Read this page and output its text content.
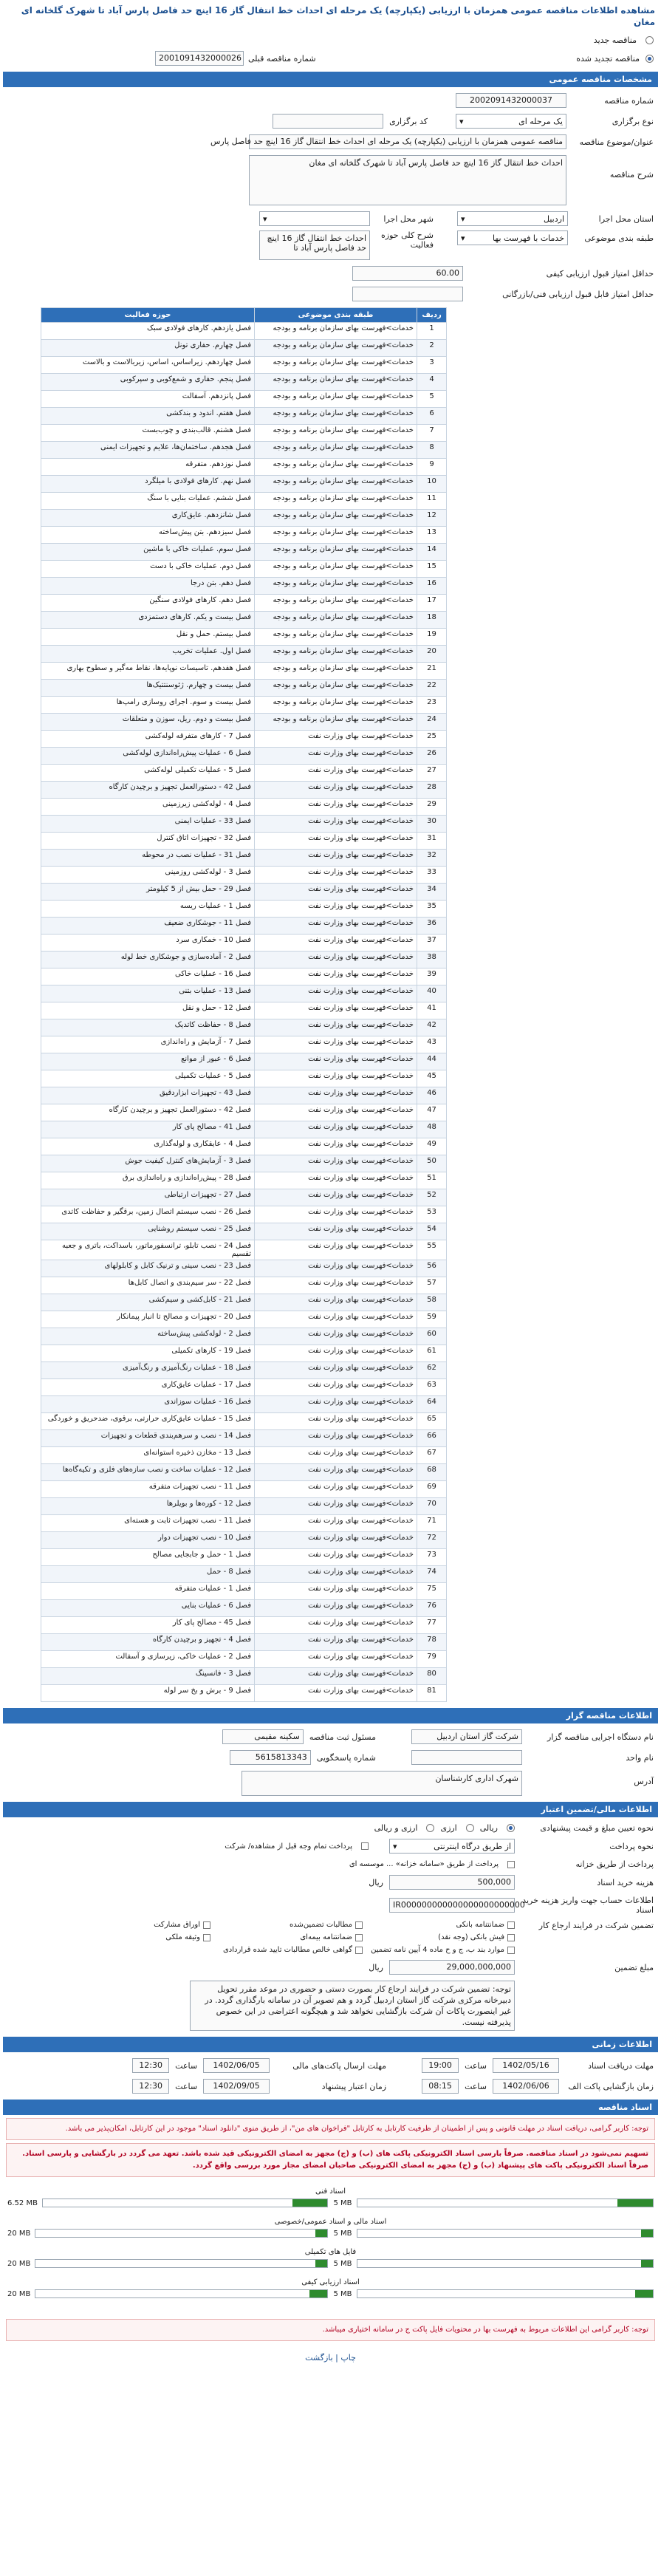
مشاهده اطلاعات مناقصه عمومی همزمان با ارزیابی (یکپارچه) یک مرحله ای احداث خط انتقال گاز 16 اینچ حد فاصل پارس آباد تا شهرک گلخانه ای مغان
مناقصه جدید
مناقصه تجدید شده
شماره مناقصه قبلی
2001091432000026
مشخصات مناقصه عمومی
شماره مناقصه
2002091432000037
نوع برگزاری
یک مرحله ای
▾
کد برگزاری
عنوان/موضوع مناقصه
مناقصه عمومی همزمان با ارزیابی (یکپارچه) یک مرحله ای احداث خط انتقال گاز 16 اینچ حد فاصل پارس
شرح مناقصه
احداث خط انتقال گاز 16 اینچ حد فاصل پارس آباد تا شهرک گلخانه ای مغان
استان محل اجرا
اردبیل
▾
طبقه بندی موضوعی
خدمات با فهرست بها
▾
شهر محل اجرا
▾
شرح کلی حوزه فعالیت
احداث خط انتقال گاز 16 اینچ حد فاصل پارس آباد تا
حداقل امتیاز قبول ارزیابی کیفی
60.00
حداقل امتیاز قابل قبول ارزیابی فنی/بازرگانی
ردیف	طبقه بندی موضوعی	حوزه فعالیت
1	خدمات>فهرست بهای سازمان برنامه و بودجه	فصل یازدهم. کارهای فولادی سبک
2	خدمات>فهرست بهای سازمان برنامه و بودجه	فصل چهارم. حفاری تونل
3	خدمات>فهرست بهای سازمان برنامه و بودجه	فصل چهاردهم. زیراساس، اساس، زیربالاست و بالاست
4	خدمات>فهرست بهای سازمان برنامه و بودجه	فصل پنجم. حفاری و شمع‌کوبی و سپرکوبی
5	خدمات>فهرست بهای سازمان برنامه و بودجه	فصل پانزدهم. آسفالت
6	خدمات>فهرست بهای سازمان برنامه و بودجه	فصل هفتم. اندود و بندکشی
7	خدمات>فهرست بهای سازمان برنامه و بودجه	فصل هشتم. قالب‌بندی و چوب‌بست
8	خدمات>فهرست بهای سازمان برنامه و بودجه	فصل هجدهم. ساختمان‌ها، علایم و تجهیزات ایمنی
9	خدمات>فهرست بهای سازمان برنامه و بودجه	فصل نوزدهم. متفرقه
10	خدمات>فهرست بهای سازمان برنامه و بودجه	فصل نهم. کارهای فولادی با میلگرد
11	خدمات>فهرست بهای سازمان برنامه و بودجه	فصل ششم. عملیات بنایی با سنگ
12	خدمات>فهرست بهای سازمان برنامه و بودجه	فصل شانزدهم. عایق‌کاری
13	خدمات>فهرست بهای سازمان برنامه و بودجه	فصل سیزدهم. بتن پیش‌ساخته
14	خدمات>فهرست بهای سازمان برنامه و بودجه	فصل سوم. عملیات خاکی با ماشین
15	خدمات>فهرست بهای سازمان برنامه و بودجه	فصل دوم. عملیات خاکی با دست
16	خدمات>فهرست بهای سازمان برنامه و بودجه	فصل دهم. بتن درجا
17	خدمات>فهرست بهای سازمان برنامه و بودجه	فصل دهم. کارهای فولادی سنگین
18	خدمات>فهرست بهای سازمان برنامه و بودجه	فصل بیست و یکم. کارهای دستمزدی
19	خدمات>فهرست بهای سازمان برنامه و بودجه	فصل بیستم. حمل و نقل
20	خدمات>فهرست بهای سازمان برنامه و بودجه	فصل اول. عملیات تخریب
21	خدمات>فهرست بهای سازمان برنامه و بودجه	فصل هفدهم. تاسیسات نوپایه‌ها، نقاط مه‌گیر و سطوح بهاری
22	خدمات>فهرست بهای سازمان برنامه و بودجه	فصل بیست و چهارم. ژئوسنتتیک‌ها
23	خدمات>فهرست بهای سازمان برنامه و بودجه	فصل بیست و سوم. اجرای روسازی رامپ‌ها
24	خدمات>فهرست بهای سازمان برنامه و بودجه	فصل بیست و دوم. ریل، سوزن و متعلقات
25	خدمات>فهرست بهای وزارت نفت	فصل 7 - کارهای متفرقه لوله‌کشی
26	خدمات>فهرست بهای وزارت نفت	فصل 6 - عملیات پیش‌راه‌اندازی لوله‌کشی
27	خدمات>فهرست بهای وزارت نفت	فصل 5 - عملیات تکمیلی لوله‌کشی
28	خدمات>فهرست بهای وزارت نفت	فصل 42 - دستورالعمل تجهیز و برچیدن کارگاه
29	خدمات>فهرست بهای وزارت نفت	فصل 4 - لوله‌کشی زیرزمینی
30	خدمات>فهرست بهای وزارت نفت	فصل 33 - عملیات ایمنی
31	خدمات>فهرست بهای وزارت نفت	فصل 32 - تجهیزات اتاق کنترل
32	خدمات>فهرست بهای وزارت نفت	فصل 31 - عملیات نصب در محوطه
33	خدمات>فهرست بهای وزارت نفت	فصل 3 - لوله‌کشی روزمینی
34	خدمات>فهرست بهای وزارت نفت	فصل 29 - حمل بیش از 5 کیلومتر
35	خدمات>فهرست بهای وزارت نفت	فصل 1 - عملیات ریسه
36	خدمات>فهرست بهای وزارت نفت	فصل 11 - جوشکاری ضعیف
37	خدمات>فهرست بهای وزارت نفت	فصل 10 - خمکاری سرد
38	خدمات>فهرست بهای وزارت نفت	فصل 2 - آماده‌سازی و جوشکاری خط لوله
39	خدمات>فهرست بهای وزارت نفت	فصل 16 - عملیات خاکی
40	خدمات>فهرست بهای وزارت نفت	فصل 13 - عملیات بتنی
41	خدمات>فهرست بهای وزارت نفت	فصل 12 - حمل و نقل
42	خدمات>فهرست بهای وزارت نفت	فصل 8 - حفاظت کاتدیک
43	خدمات>فهرست بهای وزارت نفت	فصل 7 - آزمایش و راه‌اندازی
44	خدمات>فهرست بهای وزارت نفت	فصل 6 - عبور از موانع
45	خدمات>فهرست بهای وزارت نفت	فصل 5 - عملیات تکمیلی
46	خدمات>فهرست بهای وزارت نفت	فصل 43 - تجهیزات ابزاردقیق
47	خدمات>فهرست بهای وزارت نفت	فصل 42 - دستورالعمل تجهیز و برچیدن کارگاه
48	خدمات>فهرست بهای وزارت نفت	فصل 41 - مصالح پای کار
49	خدمات>فهرست بهای وزارت نفت	فصل 4 - عایقکاری و لوله‌گذاری
50	خدمات>فهرست بهای وزارت نفت	فصل 3 - آزمایش‌های کنترل کیفیت جوش
51	خدمات>فهرست بهای وزارت نفت	فصل 28 - پیش‌راه‌اندازی و راه‌اندازی برق
52	خدمات>فهرست بهای وزارت نفت	فصل 27 - تجهیزات ارتباطی
53	خدمات>فهرست بهای وزارت نفت	فصل 26 - نصب سیستم اتصال زمین، برقگیر و حفاظت کاتدی
54	خدمات>فهرست بهای وزارت نفت	فصل 25 - نصب سیستم روشنایی
55	خدمات>فهرست بهای وزارت نفت	فصل 24 - نصب تابلو، ترانسفورماتور، باسداکت، باتری و جعبه تقسیم
56	خدمات>فهرست بهای وزارت نفت	فصل 23 - نصب سینی و ترنیک کابل و کابلولهای
57	خدمات>فهرست بهای وزارت نفت	فصل 22 - سر سیم‌بندی و اتصال کابل‌ها
58	خدمات>فهرست بهای وزارت نفت	فصل 21 - کابل‌کشی و سیم‌کشی
59	خدمات>فهرست بهای وزارت نفت	فصل 20 - تجهیزات و مصالح تا انبار پیمانکار
60	خدمات>فهرست بهای وزارت نفت	فصل 2 - لوله‌کشی پیش‌ساخته
61	خدمات>فهرست بهای وزارت نفت	فصل 19 - کارهای تکمیلی
62	خدمات>فهرست بهای وزارت نفت	فصل 18 - عملیات رنگ‌آمیزی و رنگ‌آمیزی
63	خدمات>فهرست بهای وزارت نفت	فصل 17 - عملیات عایق‌کاری
64	خدمات>فهرست بهای وزارت نفت	فصل 16 - عملیات سوزاندی
65	خدمات>فهرست بهای وزارت نفت	فصل 15 - عملیات عایق‌کاری حرارتی، برقوی، ضدحریق و خوردگی
66	خدمات>فهرست بهای وزارت نفت	فصل 14 - نصب و سرهم‌بندی قطعات و تجهیزات
67	خدمات>فهرست بهای وزارت نفت	فصل 13 - مخازن ذخیره استوانه‌ای
68	خدمات>فهرست بهای وزارت نفت	فصل 12 - عملیات ساخت و نصب سازه‌های فلزی و تکیه‌گاه‌ها
69	خدمات>فهرست بهای وزارت نفت	فصل 11 - نصب تجهیزات متفرقه
70	خدمات>فهرست بهای وزارت نفت	فصل 12 - کوره‌ها و بویلرها
71	خدمات>فهرست بهای وزارت نفت	فصل 11 - نصب تجهیزات ثابت و هسته‌ای
72	خدمات>فهرست بهای وزارت نفت	فصل 10 - نصب تجهیزات دوار
73	خدمات>فهرست بهای وزارت نفت	فصل 1 - حمل و جابجایی مصالح
74	خدمات>فهرست بهای وزارت نفت	فصل 8 - حمل
75	خدمات>فهرست بهای وزارت نفت	فصل 1 - عملیات متفرقه
76	خدمات>فهرست بهای وزارت نفت	فصل 6 - عملیات بنایی
77	خدمات>فهرست بهای وزارت نفت	فصل 45 - مصالح پای کار
78	خدمات>فهرست بهای وزارت نفت	فصل 4 - تجهیز و برچیدن کارگاه
79	خدمات>فهرست بهای وزارت نفت	فصل 2 - عملیات خاکی، زیرسازی و آسفالت
80	خدمات>فهرست بهای وزارت نفت	فصل 3 - فانسینگ
81	خدمات>فهرست بهای وزارت نفت	فصل 9 - برش و بخ سر لوله
اطلاعات مناقصه گزار
نام دستگاه اجرایی مناقصه گزار
شرکت گاز استان اردبیل
مسئول ثبت مناقصه
سکینه مقیمی
نام واحد
شماره پاسخگویی
5615813343
آدرس
شهرک اداری کارشناسان
اطلاعات مالی/تضمین اعتبار
نحوه تعیین مبلغ و قیمت پیشنهادی
ریالی
ارزی
ارزی و ریالی
نحوه پرداخت
از طریق درگاه اینترنتی
▾
پرداخت تمام وجه قبل از مشاهده/ شرکت
پرداخت از طریق خزانه
پرداخت از طریق «سامانه خزانه» ... موسسه ای
هزینه خرید اسناد
500,000
ریال
اطلاعات حساب جهت واریز هزینه خرید اسناد
IR000000000000000000000000
تضمین شرکت در فرایند ارجاع کار
ضمانتنامه بانکی
مطالبات تضمین‌شده
اوراق مشارکت
فیش بانکی (وجه نقد)
ضمانتنامه بیمه‌ای
وثیقه ملکی
موارد بند ب، ج و ح ماده 4 آیین نامه تضمین
گواهی خالص مطالبات تایید شده قراردادی
مبلغ تضمین
29,000,000,000
ریال
توجه: تضمین شرکت در فرایند ارجاع کار بصورت دستی و حضوری در موعد مقرر تحویل دبیرخانه مرکزی شرکت گاز استان اردبیل گردد و هم تصویر آن در سامانه بارگذاری گردد. در غیر اینصورت پاکات آن شرکت بازگشایی نخواهد شد و هیچگونه اعتراضی در این خصوص پذیرفته نیست.
اطلاعات زمانی
مهلت دریافت اسناد
1402/05/16
ساعت
19:00
مهلت ارسال پاکت‌های مالی
1402/06/05
ساعت
12:30
زمان بازگشایی پاکت الف
1402/06/06
ساعت
08:15
زمان اعتبار پیشنهاد
1402/09/05
ساعت
12:30
اسناد مناقصه
توجه: کاربر گرامی، دریافت اسناد در مهلت قانونی و پس از اطمینان از ظرفیت کارتابل به کارتابل "فراخوان های من"، از طریق منوی "دانلود اسناد" موجود در این کارتابل، امکان‌پذیر می باشد.
تسهیم نمی‌شود در اسناد مناقصه. صرفاً بارسی اسناد الکترونیکی پاکت های (ب) و (ج) مجهز به امضای الکترونیکی قید شده باشد. تعهد می گردد در بارگشایی و پارسی اسناد. صرفاً اسناد الکترونیکی پاکت های پیشنهاد (ب) و (ج) مجهز به امضای الکترونیکی صاحبان امضای مجاز مورد بررسی واقع گردد.
اسناد فنی
5 MB
6.52 MB
اسناد مالی و اسناد عمومی/خصوصی
5 MB
20 MB
فایل های تکمیلی
5 MB
20 MB
اسناد ارزیابی کیفی
5 MB
20 MB
توجه: کاربر گرامی این اطلاعات مربوط به فهرست بها در محتویات فایل پاکت ج در سامانه اختیاری میباشد.
چاپ | بازگشت
